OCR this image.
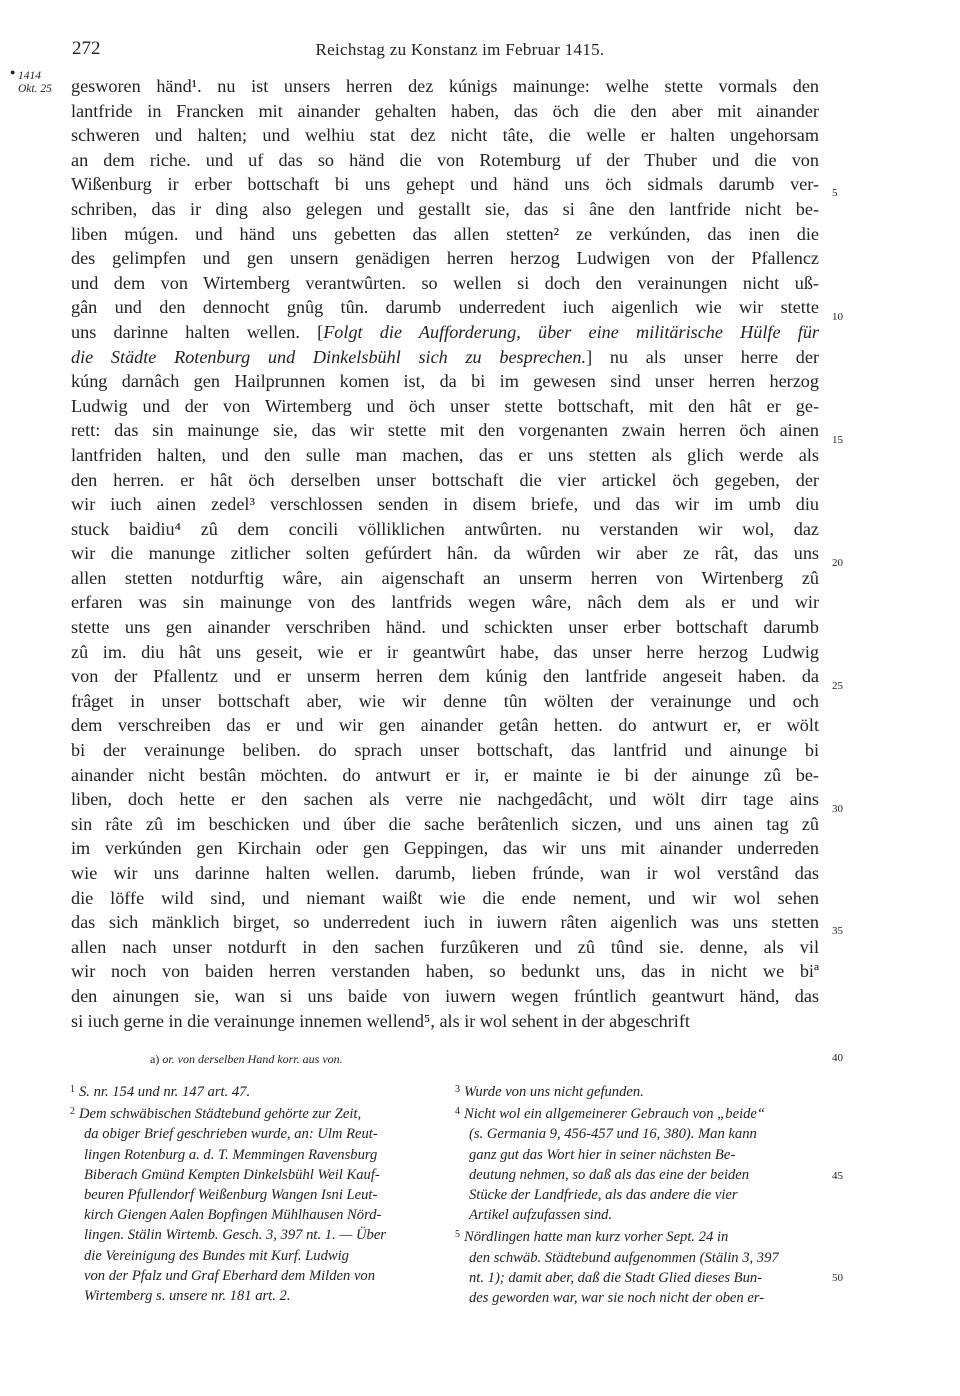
272	Reichstag zu Konstanz im Februar 1415.
● 1414
Okt. 25	geswоren händ¹. nu ist unsers herren dez kúnigs mainunge: welhe stette vormals den
lantfride in Francken mit ainander gehalten haben, das öch die den aber mit ainander
schweren und halten; und welhiu stat dez nicht tâte, die welle er halten ungehorsam
an dem riche. und uf das so händ die von Rotemburg uf der Thuber und die von
Wißenburg ir erber bottschaft bi uns gehept und händ uns öch sidmals darumb ver-
schriben, das ir ding also gelegen und gestallt sie, das si âne den lantfride nicht be-
liben múgen. und händ uns gebetten das allen stetten² ze verkúnden, das inen die
des gelimpfen und gen unsern genädigen herren herzog Ludwigen von der Pfallencz
und dem von Wirtemberg verantwûrten. so wellen si doch den verainungen nicht uß-
gân und den dennocht gnûg tûn. darumb underredent iuch aigenlich wie wir stette
uns darinne halten wellen. [Folgt die Aufforderung, über eine militärische Hülfe für
die Städte Rotenburg und Dinkelsbühl sich zu besprechen.] nu als unser herre der
kúng darnâch gen Hailprunnen komen ist, da bi im gewesen sind unser herren herzog
Ludwig und der von Wirtemberg und öch unser stette bottschaft, mit den hât er ge-
rett: das sin mainunge sie, das wir stette mit den vorgenanten zwain herren öch ainen
lantfriden halten, und den sulle man machen, das er uns stetten als glich werde als
den herren. er hât öch derselben unser bottschaft die vier artickel öch gegeben, der
wir iuch ainen zedel³ verschlossen senden in disem briefe, und das wir im umb diu
stuck baidiu⁴ zû dem concili völliklichen antwûrten. nu verstanden wir wol, daz
wir die manunge zitlicher solten gefúrdert hân. da wûrden wir aber ze rât, das uns
allen stetten notdurftig wâre, ain aigenschaft an unserm herren von Wirtenberg zû
erfaren was sin mainunge von des lantfrids wegen wâre, nâch dem als er und wir
stette uns gen ainander verschriben händ. und schickten unser erber bottschaft darumb
zû im. diu hât uns geseit, wie er ir geantwûrt habe, das unser herre herzog Ludwig
von der Pfallentz und er unserm herren dem kúnig den lantfride angeseit haben. da
frâget in unser bottschaft aber, wie wir denne tûn wölten der verainunge und och
dem verschreiben das er und wir gen ainander getân hetten. do antwurt er, er wölt
bi der verainunge beliben. do sprach unser bottschaft, das lantfrid und ainunge bi
ainander nicht bestân möchten. do antwurt er ir, er mainte ie bi der ainunge zû be-
liben, doch hette er den sachen als verre nie nachgedâcht, und wölt dirr tage ains
sin râte zû im beschicken und úber die sache berâtenlich siczen, und uns ainen tag zû
im verkúnden gen Kirchain oder gen Geppingen, das wir uns mit ainander underreden
wie wir uns darinne halten wellen. darumb, lieben frúnde, wan ir wol verstând das
die löffe wild sind, und niemant waißt wie die ende nement, und wir wol sehen
das sich mänklich birget, so underredent iuch in iuwern râten aigenlich was uns stetten
allen nach unser notdurft in den sachen furzûkeren und zû tûnd sie. denne, als vil
wir noch von baiden herren verstanden haben, so bedunkt uns, das in nicht we biª
den ainungen sie, wan si uns baide von iuwern wegen frúntlich geantwurt händ, das
si iuch gerne in die verainunge innemen wellend⁵, als ir wol sehent in der abgeschrift
5
10
15
20
25
30
35
40
45
50
a) or. von derselben Hand korr. aus von.
$^1$ S. nr. 154 und nr. 147 art. 47.
$^2$ Dem schwäbischen Städtebund gehörte zur Zeit,
da obiger Brief geschrieben wurde, an: Ulm Reut-
lingen Rotenburg a. d. T. Memmingen Ravensburg
Biberach Gmünd Kempten Dinkelsbühl Weil Kauf-
beuren Pfullendorf Weißenburg Wangen Isni Leut-
kirch Giengen Aalen Bopfingen Mühlhausen Nörd-
lingen. Stälin Wirtemb. Gesch. 3, 397 nt. 1. — Über
die Vereinigung des Bundes mit Kurf. Ludwig
von der Pfalz und Graf Eberhard dem Milden von
Wirtemberg s. unsere nr. 181 art. 2.
$^3$ Wurde von uns nicht gefunden.
$^4$ Nicht wol ein allgemeinerer Gebrauch von „beide“
(s. Germania 9, 456-457 und 16, 380). Man kann
ganz gut das Wort hier in seiner nächsten Be-
deutung nehmen, so daß als das eine der beiden
Stücke der Landfriede, als das andere die vier
Artikel aufzufassen sind.
$^5$ Nördlingen hatte man kurz vorher Sept. 24 in
den schwäb. Städtebund aufgenommen (Stälin 3, 397
nt. 1); damit aber, daß die Stadt Glied dieses Bun-
des geworden war, war sie noch nicht der oben er-
